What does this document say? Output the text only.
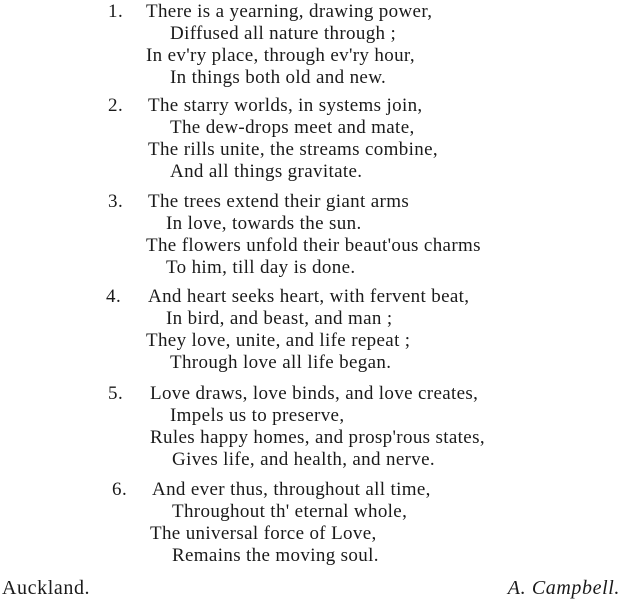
1. There is a yearning, drawing power,
Diffused all nature through ;
In ev'ry place, through ev'ry hour,
In things both old and new.
2. The starry worlds, in systems join,
The dew-drops meet and mate,
The rills unite, the streams combine,
And all things gravitate.
3. The trees extend their giant arms
In love, towards the sun.
The flowers unfold their beaut'ous charms
To him, till day is done.
4. And heart seeks heart, with fervent beat,
In bird, and beast, and man ;
They love, unite, and life repeat ;
Through love all life began.
5. Love draws, love binds, and love creates,
Impels us to preserve,
Rules happy homes, and prosp'rous states,
Gives life, and health, and nerve.
6. And ever thus, throughout all time,
Throughout th' eternal whole,
The universal force of Love,
Remains the moving soul.
Auckland.	A. Campbell.
